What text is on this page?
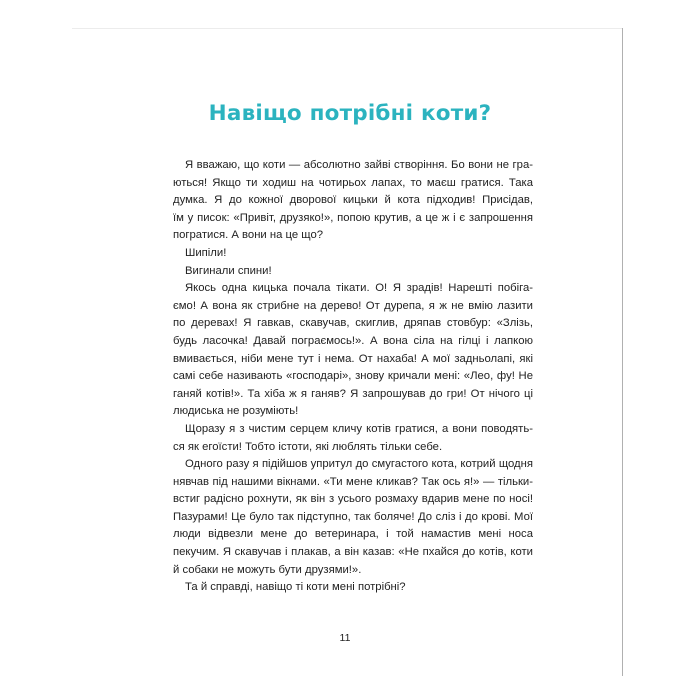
Навіщо потрібні коти?
Я вважаю, що коти — абсолютно зайві створіння. Бо вони не гра-
ються! Якщо ти ходиш на чотирьох лапах, то маєш гратися. Така
думка. Я до кожної дворової кицьки й кота підходив! Присідав,
їм у писок: «Привіт, друзяко!», попою крутив, а це ж і є запрошення
погратися. А вони на це що?
Шипіли!
Вигинали спини!
Якось одна кицька почала тікати. О! Я зрадів! Нарешті побіга-
ємо! А вона як стрибне на дерево! От дурепа, я ж не вмію лазити
по деревах! Я гавкав, скавучав, скиглив, дряпав стовбур: «Злізь,
будь ласочка! Давай пограємось!». А вона сіла на гілці і лапкою
вмивається, ніби мене тут і нема. От нахаба! А мої задньолапі, які
самі себе називають «господарі», знову кричали мені: «Лео, фу! Не
ганяй котів!». Та хіба ж я ганяв? Я запрошував до гри! От нічого ці
людиська не розуміють!
Щоразу я з чистим серцем кличу котів гратися, а вони поводять-
ся як егоїсти! Тобто істоти, які люблять тільки себе.
Одного разу я підійшов упритул до смугастого кота, котрий щодня
нявчав під нашими вікнами. «Ти мене кликав? Так ось я!» — тільки-
встиг радісно рохнути, як він з усього розмаху вдарив мене по носі!
Пазурами! Це було так підступно, так боляче! До сліз і до крові. Мої
люди відвезли мене до ветеринара, і той намастив мені носа
пекучим. Я скавучав і плакав, а він казав: «Не пхайся до котів, коти
й собаки не можуть бути друзями!».
Та й справді, навіщо ті коти мені потрібні?
11
